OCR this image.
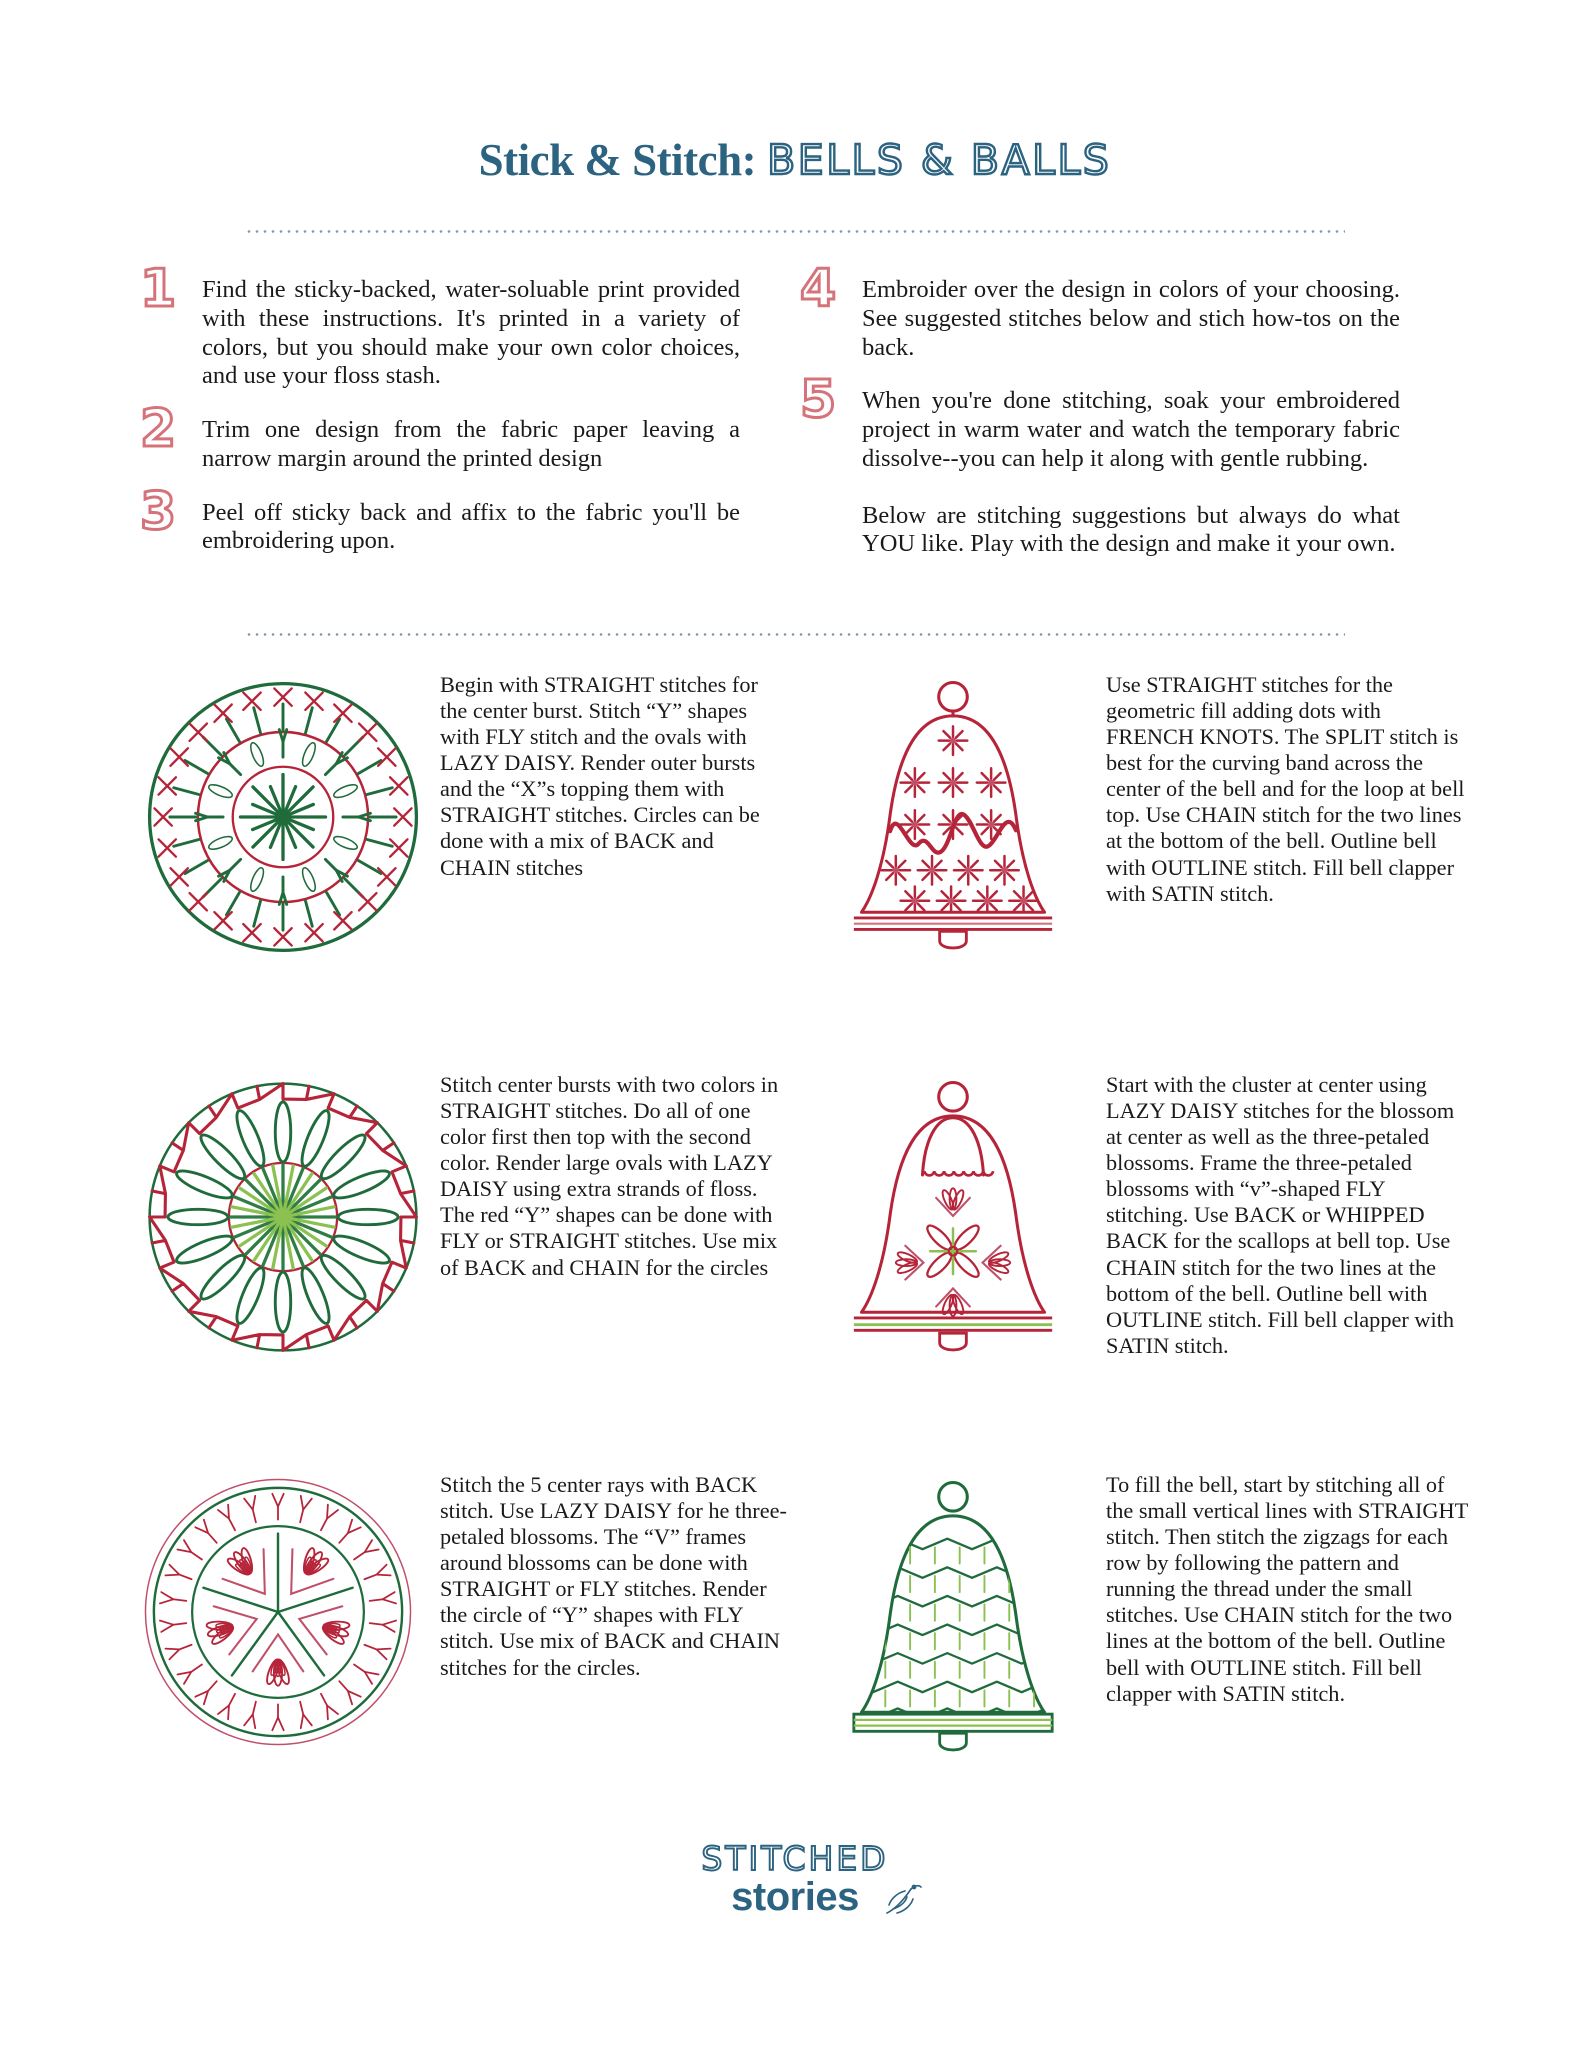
Stick & Stitch: BELLS & BALLS
1	Find the sticky-backed, water-soluable print provided with these instructions. It's printed in a variety of colors, but you should make your own color choices, and use your floss stash.
2	Trim one design from the fabric paper leaving a narrow margin around the printed design
3	Peel off sticky back and affix to the fabric you'll be embroidering upon.
4	Embroider over the design in colors of your choosing. See suggested stitches below and stich how-tos on the back.
5	When you're done stitching, soak your embroidered project in warm water and watch the temporary fabric dissolve--you can help it along with gentle rubbing.
Below are stitching suggestions but always do what YOU like. Play with the design and make it your own.
Begin with STRAIGHT stitches for the center burst. Stitch “Y” shapes with FLY stitch and the ovals with LAZY DAISY. Render outer bursts and the “X”s topping them with STRAIGHT stitches. Circles can be done with a mix of BACK and CHAIN stitches
Use STRAIGHT stitches for the geometric fill adding dots with FRENCH KNOTS. The SPLIT stitch is best for the curving band across the center of the bell and for the loop at bell top. Use CHAIN stitch for the two lines at the bottom of the bell. Outline bell with OUTLINE stitch. Fill bell clapper with SATIN stitch.
Stitch center bursts with two colors in STRAIGHT stitches. Do all of one color first then top with the second color. Render large ovals with LAZY DAISY using extra strands of floss. The red “Y” shapes can be done with FLY or STRAIGHT stitches. Use mix of BACK and CHAIN for the circles
Start with the cluster at center using LAZY DAISY stitches for the blossom at center as well as the three-petaled blossoms. Frame the three-petaled blossoms with “v”-shaped FLY stitching. Use BACK or WHIPPED BACK for the scallops at bell top. Use CHAIN stitch for the two lines at the bottom of the bell. Outline bell with OUTLINE stitch. Fill bell clapper with SATIN stitch.
Stitch the 5 center rays with BACK stitch. Use LAZY DAISY for he three-petaled blossoms. The “V” frames around blossoms can be done with STRAIGHT or FLY stitches. Render the circle of “Y” shapes with FLY stitch. Use mix of BACK and CHAIN stitches for the circles.
To fill the bell, start by stitching all of the small vertical lines with STRAIGHT stitch. Then stitch the zigzags for each row by following the pattern and running the thread under the small stitches. Use CHAIN stitch for the two lines at the bottom of the bell. Outline bell with OUTLINE stitch. Fill bell clapper with SATIN stitch.
STITCHED
stories
